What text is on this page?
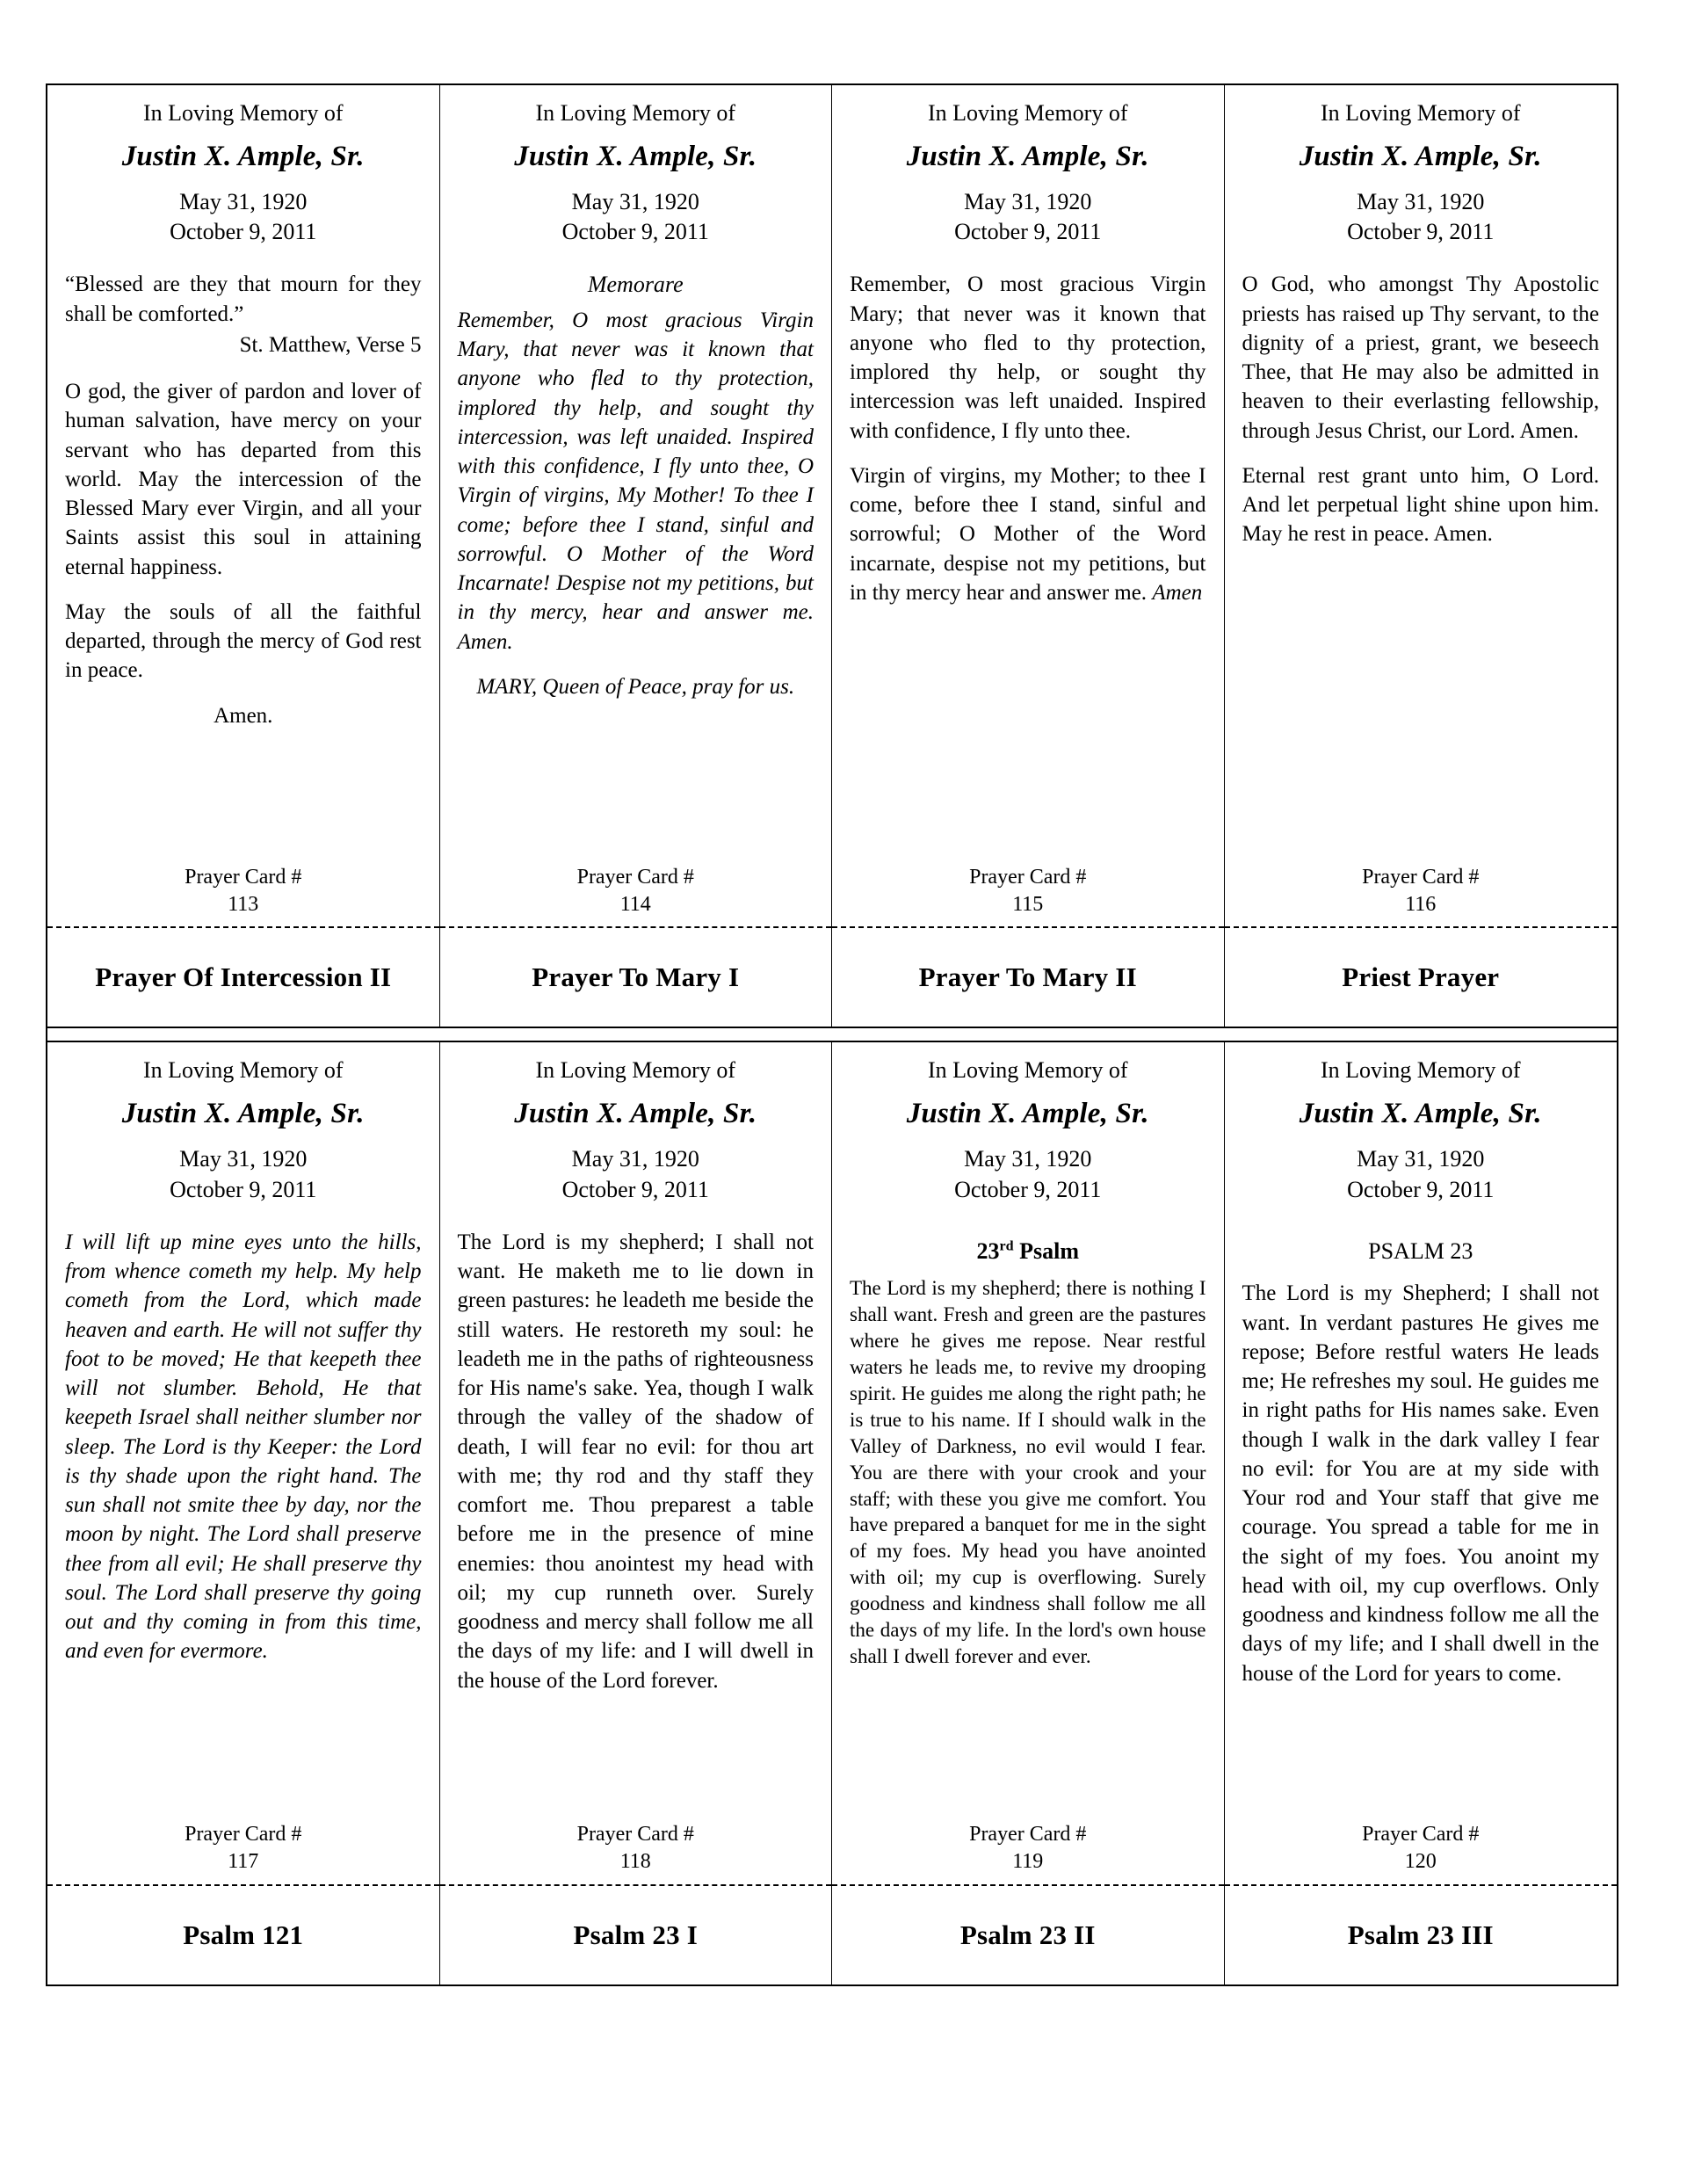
In Loving Memory of
Justin X. Ample, Sr.
May 31, 1920
October 9, 2011

“Blessed are they that mourn for they shall be comforted.”

St. Matthew, Verse 5

O god, the giver of pardon and lover of human salvation, have mercy on your servant who has departed from this world. May the intercession of the Blessed Mary ever Virgin, and all your Saints assist this soul in attaining eternal happiness.

May the souls of all the faithful departed, through the mercy of God rest in peace.

Amen.

Prayer Card #
113
Prayer Of Intercession II
In Loving Memory of
Justin X. Ample, Sr.
May 31, 1920
October 9, 2011

Memorare

Remember, O most gracious Virgin Mary, that never was it known that anyone who fled to thy protection, implored thy help, and sought thy intercession, was left unaided. Inspired with this confidence, I fly unto thee, O Virgin of virgins, My Mother! To thee I come; before thee I stand, sinful and sorrowful. O Mother of the Word Incarnate! Despise not my petitions, but in thy mercy, hear and answer me. Amen.

MARY, Queen of Peace, pray for us.

Prayer Card #
114
Prayer To Mary I
In Loving Memory of
Justin X. Ample, Sr.
May 31, 1920
October 9, 2011

Remember, O most gracious Virgin Mary; that never was it known that anyone who fled to thy protection, implored thy help, or sought thy intercession was left unaided. Inspired with confidence, I fly unto thee.

Virgin of virgins, my Mother; to thee I come, before thee I stand, sinful and sorrowful; O Mother of the Word incarnate, despise not my petitions, but in thy mercy hear and answer me. Amen

Prayer Card #
115
Prayer To Mary II
In Loving Memory of
Justin X. Ample, Sr.
May 31, 1920
October 9, 2011

O God, who amongst Thy Apostolic priests has raised up Thy servant, to the dignity of a priest, grant, we beseech Thee, that He may also be admitted in heaven to their everlasting fellowship, through Jesus Christ, our Lord. Amen.

Eternal rest grant unto him, O Lord. And let perpetual light shine upon him. May he rest in peace. Amen.

Prayer Card #
116
Priest Prayer
In Loving Memory of
Justin X. Ample, Sr.
May 31, 1920
October 9, 2011

I will lift up mine eyes unto the hills, from whence cometh my help. My help cometh from the Lord, which made heaven and earth. He will not suffer thy foot to be moved; He that keepeth thee will not slumber. Behold, He that keepeth Israel shall neither slumber nor sleep. The Lord is thy Keeper: the Lord is thy shade upon the right hand. The sun shall not smite thee by day, nor the moon by night. The Lord shall preserve thee from all evil; He shall preserve thy soul. The Lord shall preserve thy going out and thy coming in from this time, and even for evermore.

Prayer Card #
117
Psalm 121
In Loving Memory of
Justin X. Ample, Sr.
May 31, 1920
October 9, 2011

The Lord is my shepherd; I shall not want. He maketh me to lie down in green pastures: he leadeth me beside the still waters. He restoreth my soul: he leadeth me in the paths of righteousness for His name's sake. Yea, though I walk through the valley of the shadow of death, I will fear no evil: for thou art with me; thy rod and thy staff they comfort me. Thou preparest a table before me in the presence of mine enemies: thou anointest my head with oil; my cup runneth over. Surely goodness and mercy shall follow me all the days of my life: and I will dwell in the house of the Lord forever.

Prayer Card #
118
Psalm 23 I
In Loving Memory of
Justin X. Ample, Sr.
May 31, 1920
October 9, 2011

23rd Psalm

The Lord is my shepherd; there is nothing I shall want. Fresh and green are the pastures where he gives me repose. Near restful waters he leads me, to revive my drooping spirit. He guides me along the right path; he is true to his name. If I should walk in the Valley of Darkness, no evil would I fear. You are there with your crook and your staff; with these you give me comfort. You have prepared a banquet for me in the sight of my foes. My head you have anointed with oil; my cup is overflowing. Surely goodness and kindness shall follow me all the days of my life. In the lord's own house shall I dwell forever and ever.

Prayer Card #
119
Psalm 23 II
In Loving Memory of
Justin X. Ample, Sr.
May 31, 1920
October 9, 2011

PSALM 23

The Lord is my Shepherd; I shall not want. In verdant pastures He gives me repose; Before restful waters He leads me; He refreshes my soul. He guides me in right paths for His names sake. Even though I walk in the dark valley I fear no evil: for You are at my side with Your rod and Your staff that give me courage. You spread a table for me in the sight of my foes. You anoint my head with oil, my cup overflows. Only goodness and kindness follow me all the days of my life; and I shall dwell in the house of the Lord for years to come.

Prayer Card #
120
Psalm 23 III
